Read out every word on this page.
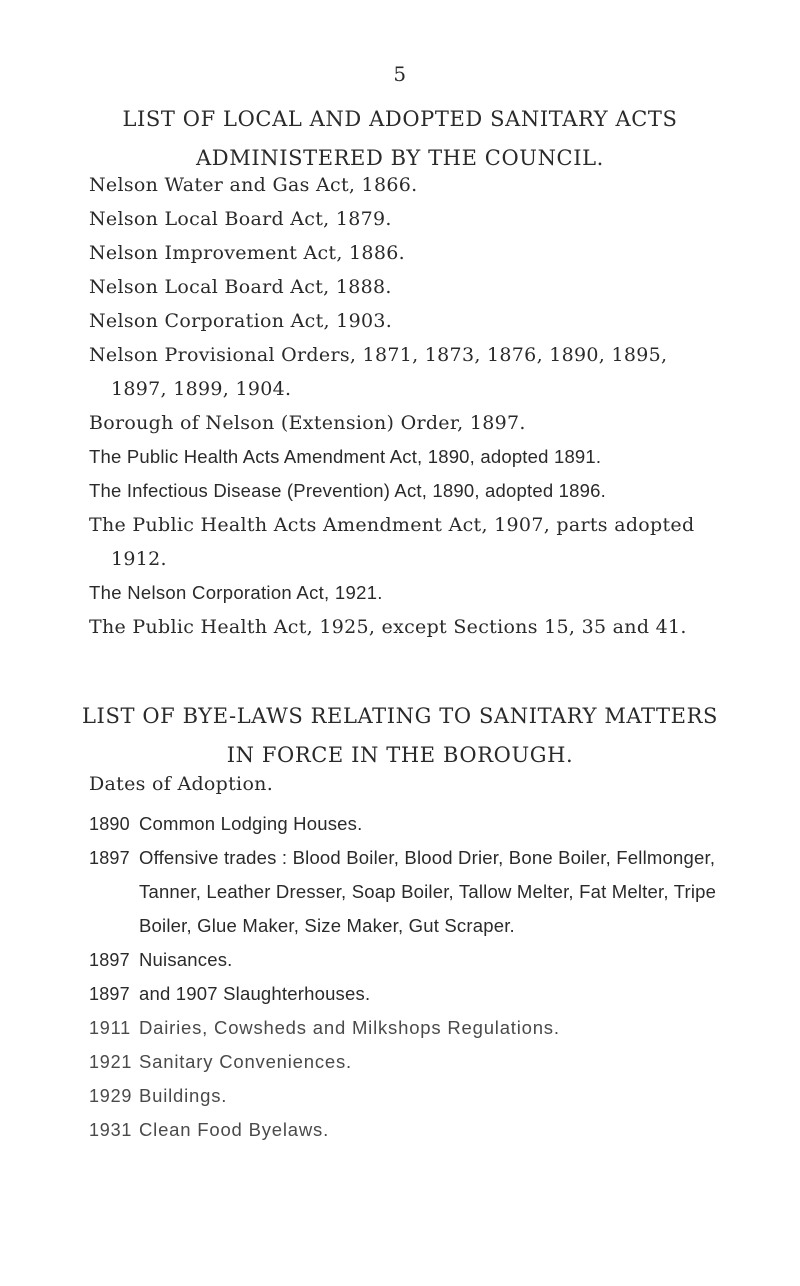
5
LIST OF LOCAL AND ADOPTED SANITARY ACTS
ADMINISTERED BY THE COUNCIL.
Nelson Water and Gas Act, 1866.
Nelson Local Board Act, 1879.
Nelson Improvement Act, 1886.
Nelson Local Board Act, 1888.
Nelson Corporation Act, 1903.
Nelson Provisional Orders, 1871, 1873, 1876, 1890, 1895, 1897, 1899, 1904.
Borough of Nelson (Extension) Order, 1897.
The Public Health Acts Amendment Act, 1890, adopted 1891.
The Infectious Disease (Prevention) Act, 1890, adopted 1896.
The Public Health Acts Amendment Act, 1907, parts adopted 1912.
The Nelson Corporation Act, 1921.
The Public Health Act, 1925, except Sections 15, 35 and 41.
LIST OF BYE-LAWS RELATING TO SANITARY MATTERS
IN FORCE IN THE BOROUGH.
Dates of Adoption.
1890 Common Lodging Houses.
1897 Offensive trades : Blood Boiler, Blood Drier, Bone Boiler, Fellmonger, Tanner, Leather Dresser, Soap Boiler, Tallow Melter, Fat Melter, Tripe Boiler, Glue Maker, Size Maker, Gut Scraper.
1897 Nuisances.
1897 and 1907 Slaughterhouses.
1911 Dairies, Cowsheds and Milkshops Regulations.
1921 Sanitary Conveniences.
1929 Buildings.
1931 Clean Food Byelaws.
